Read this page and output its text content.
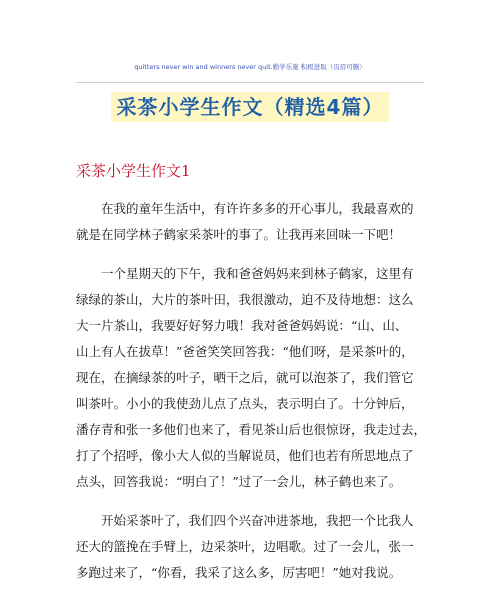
quitters never win and winners never quit.勤学乐施 积极进取（页眉可删）
采茶小学生作文（精选4篇）
采茶小学生作文1
在我的童年生活中，有许许多多的开心事儿，我最喜欢的
就是在同学林子鹤家采茶叶的事了。让我再来回味一下吧！
一个星期天的下午，我和爸爸妈妈来到林子鹤家，这里有
绿绿的茶山，大片的茶叶田，我很激动，迫不及待地想：这么
大一片茶山，我要好好努力哦！我对爸爸妈妈说：“山、山、
山上有人在拔草！”爸爸笑笑回答我：“他们呀，是采茶叶的，
现在，在摘绿茶的叶子，晒干之后，就可以泡茶了，我们管它
叫茶叶。小小的我使劲儿点了点头，表示明白了。十分钟后，
潘存青和张一多他们也来了，看见茶山后也很惊讶，我走过去，
打了个招呼，像小大人似的当解说员，他们也若有所思地点了
点头，回答我说：“明白了！”过了一会儿，林子鹤也来了。
开始采茶叶了，我们四个兴奋冲进茶地，我把一个比我人
还大的篮挽在手臂上，边采茶叶，边唱歌。过了一会儿，张一
多跑过来了，“你看，我采了这么多，厉害吧！”她对我说。
